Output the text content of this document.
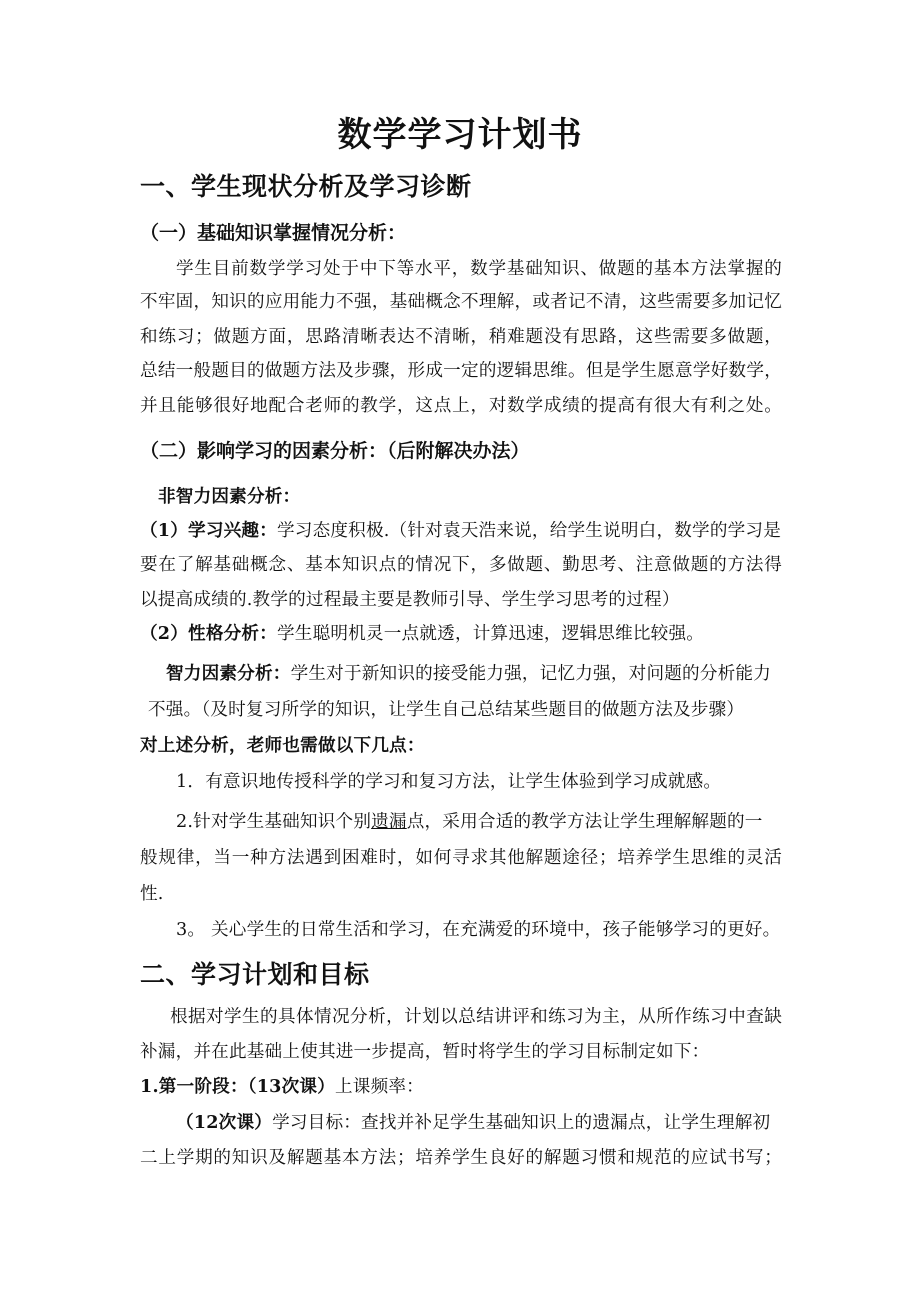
数学学习计划书
一、学生现状分析及学习诊断
（一）基础知识掌握情况分析：
学生目前数学学习处于中下等水平，数学基础知识、做题的基本方法掌握的
不牢固，知识的应用能力不强，基础概念不理解，或者记不清，这些需要多加记忆
和练习；做题方面，思路清晰表达不清晰，稍难题没有思路，这些需要多做题，
总结一般题目的做题方法及步骤，形成一定的逻辑思维。但是学生愿意学好数学，
并且能够很好地配合老师的教学，这点上，对数学成绩的提高有很大有利之处。
（二）影响学习的因素分析：（后附解决办法）
非智力因素分析：
（1）学习兴趣：学习态度积极.（针对袁天浩来说，给学生说明白，数学的学习是
要在了解基础概念、基本知识点的情况下，多做题、勤思考、注意做题的方法得
以提高成绩的.教学的过程最主要是教师引导、学生学习思考的过程）
（2）性格分析：学生聪明机灵一点就透，计算迅速，逻辑思维比较强。
智力因素分析：学生对于新知识的接受能力强，记忆力强，对问题的分析能力
不强。（及时复习所学的知识，让学生自己总结某些题目的做题方法及步骤）
对上述分析，老师也需做以下几点：
1．有意识地传授科学的学习和复习方法，让学生体验到学习成就感。
2.针对学生基础知识个别遗漏点，采用合适的教学方法让学生理解解题的一
般规律，当一种方法遇到困难时，如何寻求其他解题途径；培养学生思维的灵活
性.
3。 关心学生的日常生活和学习，在充满爱的环境中，孩子能够学习的更好。
二、学习计划和目标
根据对学生的具体情况分析，计划以总结讲评和练习为主，从所作练习中查缺
补漏，并在此基础上使其进一步提高，暂时将学生的学习目标制定如下：
1.第一阶段：（13次课）上课频率：
（12次课）学习目标：查找并补足学生基础知识上的遗漏点，让学生理解初
二上学期的知识及解题基本方法；培养学生良好的解题习惯和规范的应试书写；
